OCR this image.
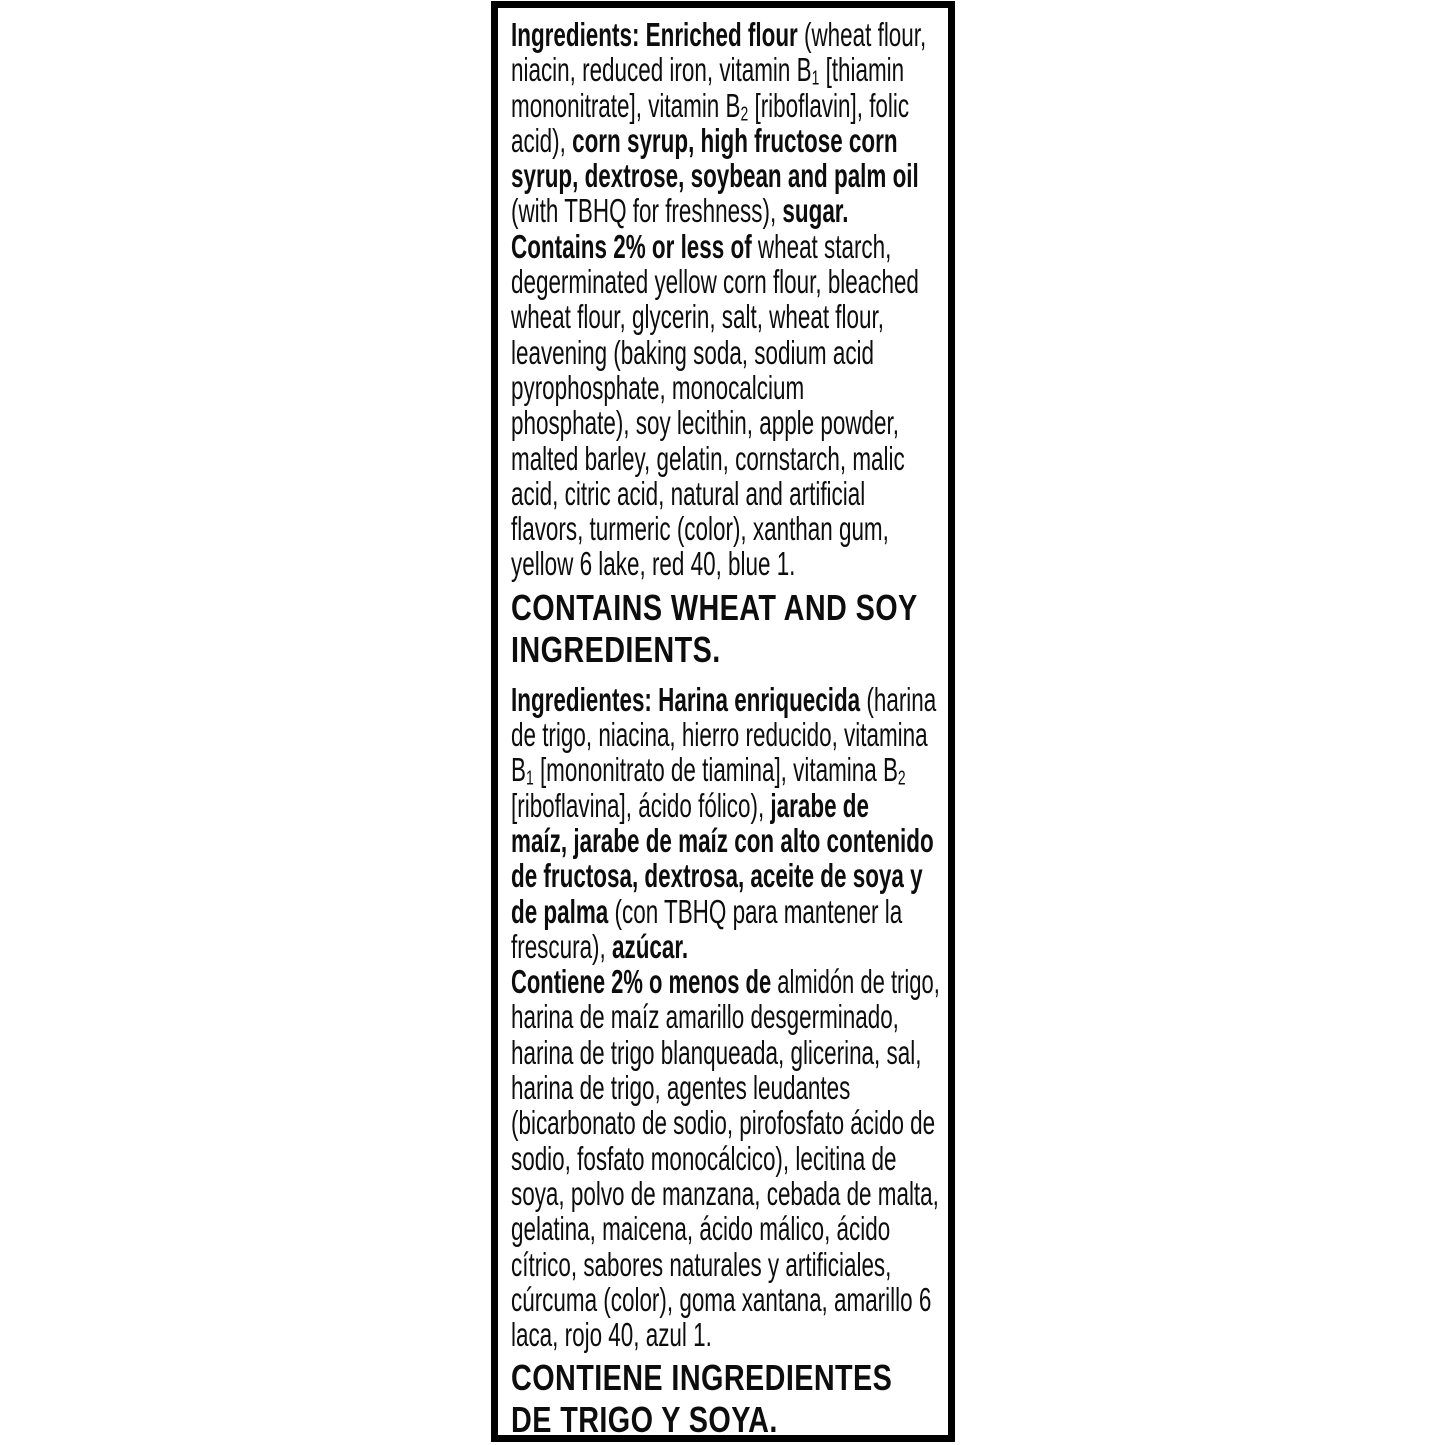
Ingredients: Enriched flour (wheat flour,
niacin, reduced iron, vitamin $B_1$ [thiamin
mononitrate], vitamin $B_2$ [riboflavin], folic
acid), corn syrup, high fructose corn
syrup, dextrose, soybean and palm oil
(with TBHQ for freshness), sugar.
Contains 2% or less of wheat starch,
degerminated yellow corn flour, bleached
wheat flour, glycerin, salt, wheat flour,
leavening (baking soda, sodium acid
pyrophosphate, monocalcium
phosphate), soy lecithin, apple powder,
malted barley, gelatin, cornstarch, malic
acid, citric acid, natural and artificial
flavors, turmeric (color), xanthan gum,
yellow 6 lake, red 40, blue 1.
CONTAINS WHEAT AND SOY
INGREDIENTS.
Ingredientes: Harina enriquecida (harina
de trigo, niacina, hierro reducido, vitamina
$B_1$ [mononitrato de tiamina], vitamina $B_2$
[riboflavina], ácido fólico), jarabe de
maíz, jarabe de maíz con alto contenido
de fructosa, dextrosa, aceite de soya y
de palma (con TBHQ para mantener la
frescura), azúcar.
Contiene 2% o menos de almidón de trigo,
harina de maíz amarillo desgerminado,
harina de trigo blanqueada, glicerina, sal,
harina de trigo, agentes leudantes
(bicarbonato de sodio, pirofosfato ácido de
sodio, fosfato monocálcico), lecitina de
soya, polvo de manzana, cebada de malta,
gelatina, maicena, ácido málico, ácido
cítrico, sabores naturales y artificiales,
cúrcuma (color), goma xantana, amarillo 6
laca, rojo 40, azul 1.
CONTIENE INGREDIENTES
DE TRIGO Y SOYA.
